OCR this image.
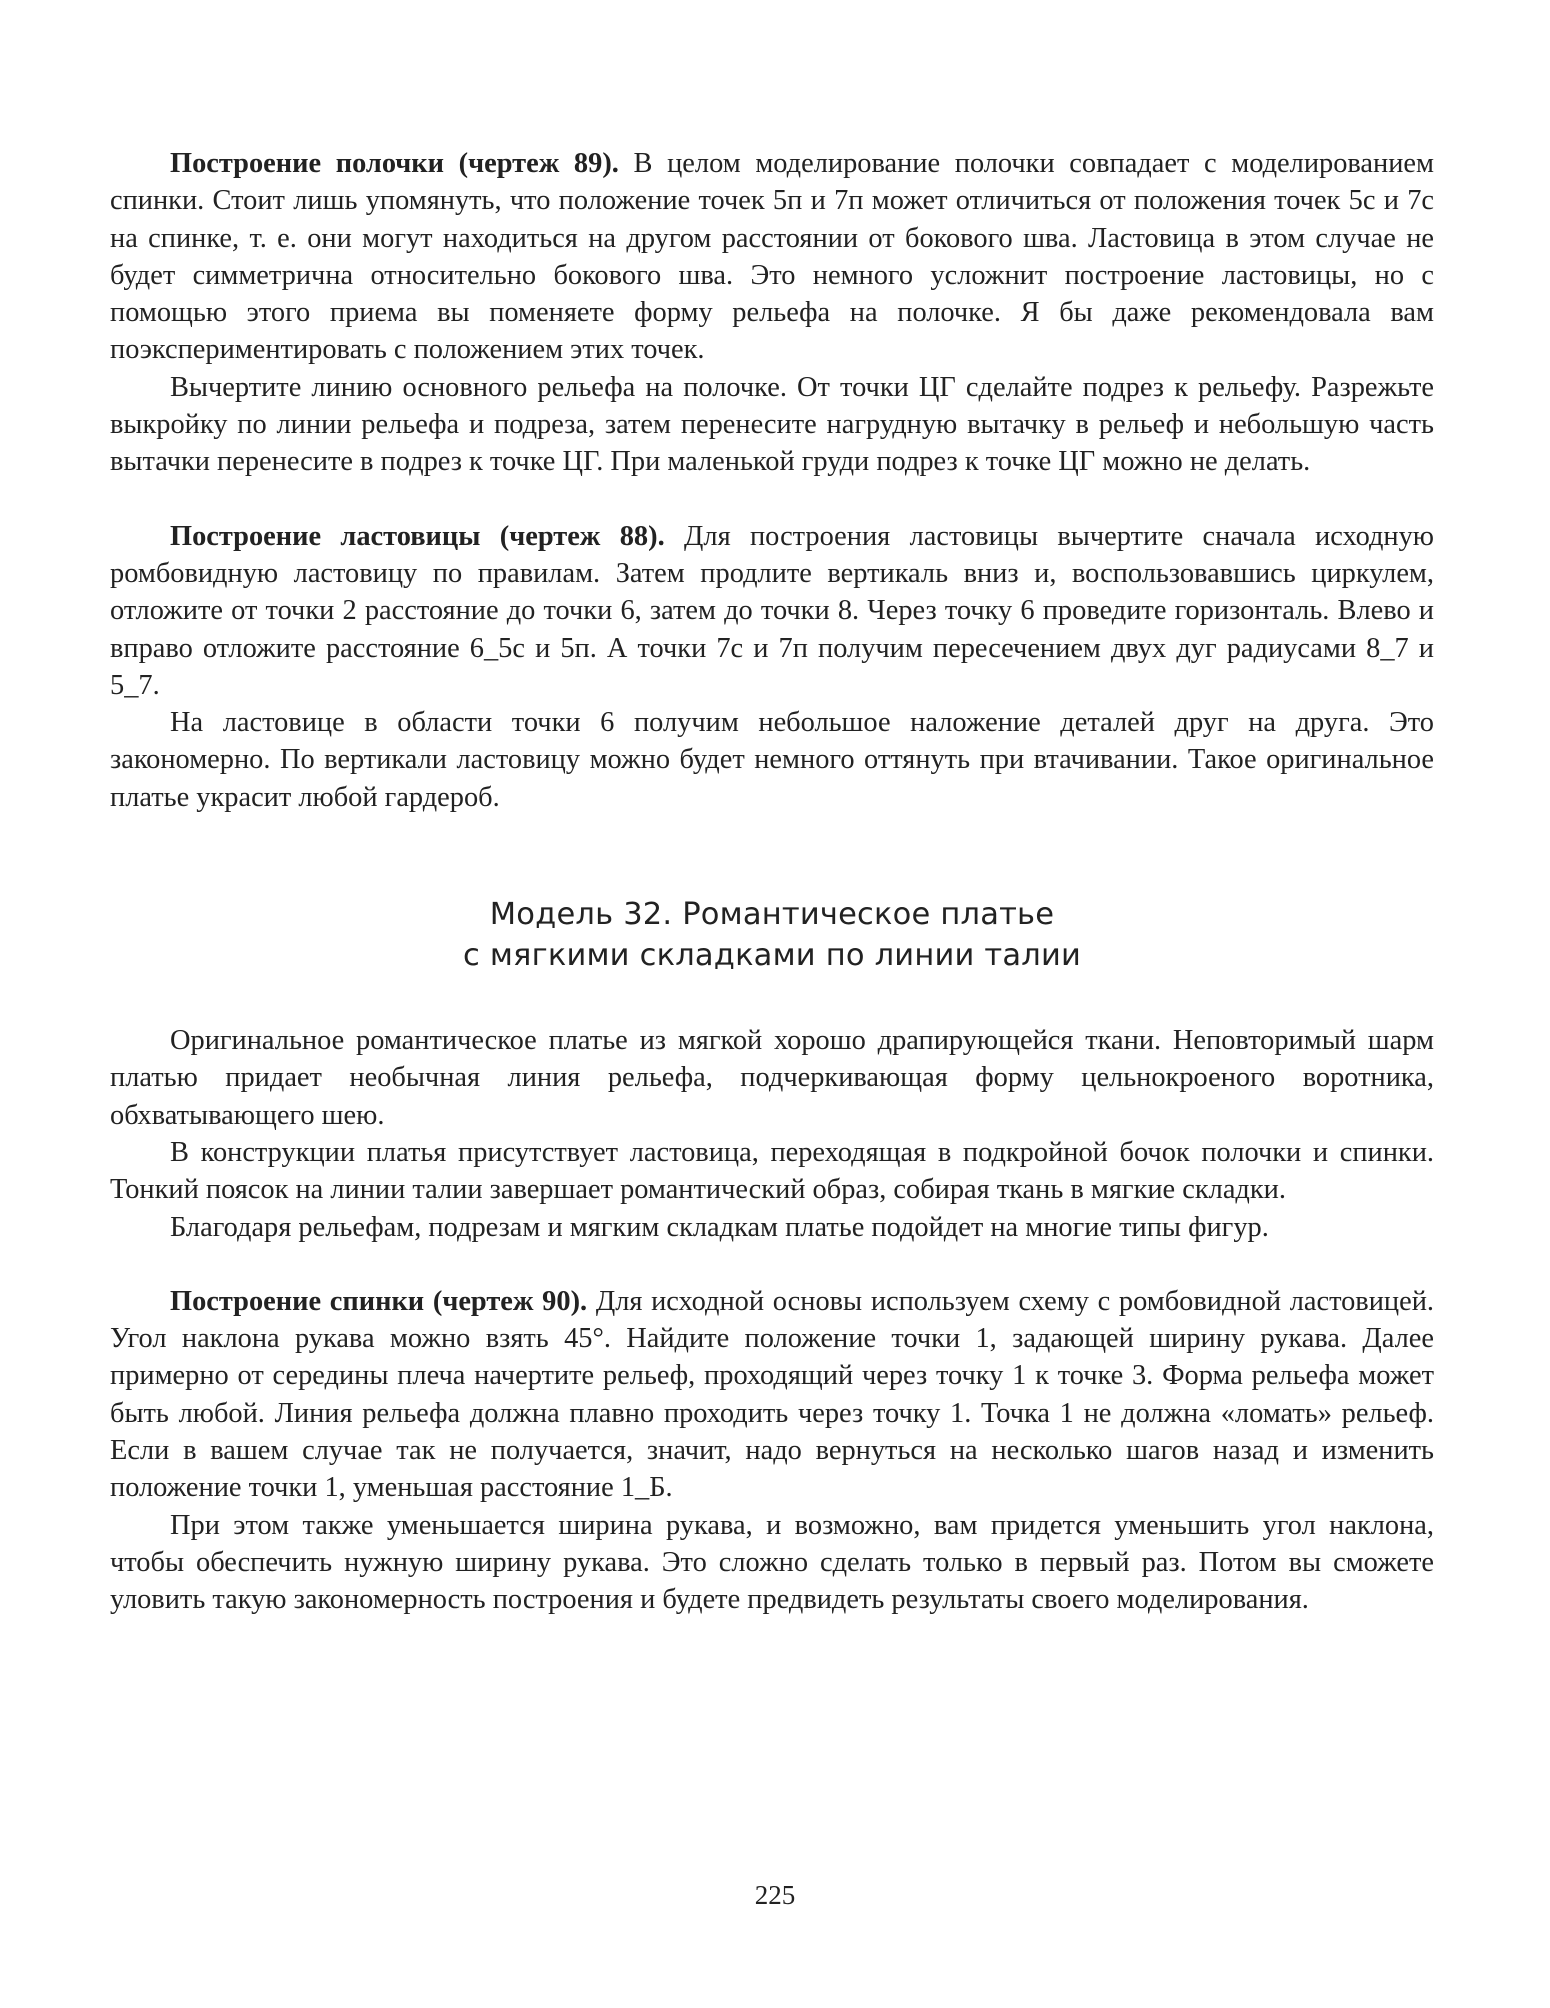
Построение полочки (чертеж 89). В целом моделирование полочки совпадает с моделированием спинки. Стоит лишь упомянуть, что положение точек 5п и 7п может отличиться от положения точек 5с и 7с на спинке, т. е. они могут находиться на другом расстоянии от бокового шва. Ластовица в этом случае не будет симметрична относительно бокового шва. Это немного усложнит построение ластовицы, но с помощью этого приема вы поменяете форму рельефа на полочке. Я бы даже рекомендовала вам поэкспериментировать с положением этих точек.

Вычертите линию основного рельефа на полочке. От точки ЦГ сделайте подрез к рельефу. Разрежьте выкройку по линии рельефа и подреза, затем перенесите нагрудную вытачку в рельеф и небольшую часть вытачки перенесите в подрез к точке ЦГ. При маленькой груди подрез к точке ЦГ можно не делать.

Построение ластовицы (чертеж 88). Для построения ластовицы вычертите сначала исходную ромбовидную ластовицу по правилам. Затем продлите вертикаль вниз и, воспользовавшись циркулем, отложите от точки 2 расстояние до точки 6, затем до точки 8. Через точку 6 проведите горизонталь. Влево и вправо отложите расстояние 6_5с и 5п. А точки 7с и 7п получим пересечением двух дуг радиусами 8_7 и 5_7.

На ластовице в области точки 6 получим небольшое наложение деталей друг на друга. Это закономерно. По вертикали ластовицу можно будет немного оттянуть при втачивании. Такое оригинальное платье украсит любой гардероб.

Модель 32. Романтическое платье
с мягкими складками по линии талии

Оригинальное романтическое платье из мягкой хорошо драпирующейся ткани. Неповторимый шарм платью придает необычная линия рельефа, подчеркивающая форму цельнокроеного воротника, обхватывающего шею.

В конструкции платья присутствует ластовица, переходящая в подкройной бочок полочки и спинки. Тонкий поясок на линии талии завершает романтический образ, собирая ткань в мягкие складки.

Благодаря рельефам, подрезам и мягким складкам платье подойдет на многие типы фигур.

Построение спинки (чертеж 90). Для исходной основы используем схему с ромбовидной ластовицей. Угол наклона рукава можно взять 45°. Найдите положение точки 1, задающей ширину рукава. Далее примерно от середины плеча начертите рельеф, проходящий через точку 1 к точке 3. Форма рельефа может быть любой. Линия рельефа должна плавно проходить через точку 1. Точка 1 не должна «ломать» рельеф. Если в вашем случае так не получается, значит, надо вернуться на несколько шагов назад и изменить положение точки 1, уменьшая расстояние 1_Б.

При этом также уменьшается ширина рукава, и возможно, вам придется уменьшить угол наклона, чтобы обеспечить нужную ширину рукава. Это сложно сделать только в первый раз. Потом вы сможете уловить такую закономерность построения и будете предвидеть результаты своего моделирования.

225
